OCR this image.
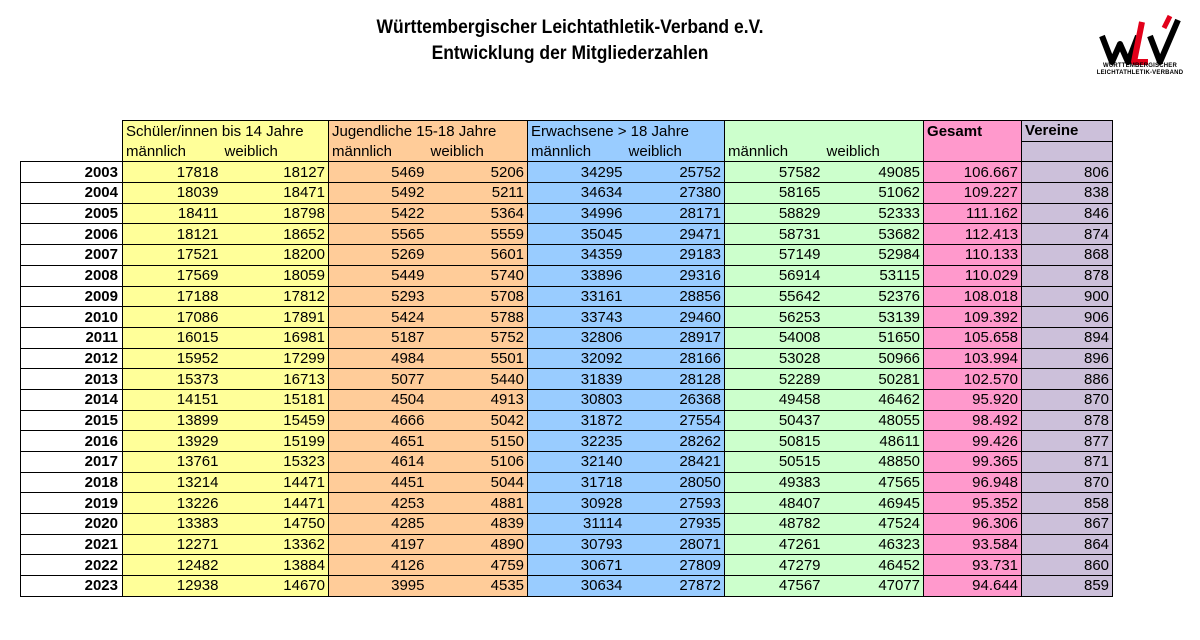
Württembergischer Leichtathletik-Verband e.V.
Entwicklung der Mitgliederzahlen
WÜRTTEMBERGISCHER
LEICHTATHLETIK-VERBAND
	Schüler/innen bis 14 Jahre		Jugendliche 15-18 Jahre		Erwachsene > 18 Jahre				Gesamt	Vereine
	männlich	weiblich	männlich	weiblich	männlich	weiblich	männlich	weiblich		
2003	17818	18127	5469	5206	34295	25752	57582	49085	106.667	806
2004	18039	18471	5492	5211	34634	27380	58165	51062	109.227	838
2005	18411	18798	5422	5364	34996	28171	58829	52333	111.162	846
2006	18121	18652	5565	5559	35045	29471	58731	53682	112.413	874
2007	17521	18200	5269	5601	34359	29183	57149	52984	110.133	868
2008	17569	18059	5449	5740	33896	29316	56914	53115	110.029	878
2009	17188	17812	5293	5708	33161	28856	55642	52376	108.018	900
2010	17086	17891	5424	5788	33743	29460	56253	53139	109.392	906
2011	16015	16981	5187	5752	32806	28917	54008	51650	105.658	894
2012	15952	17299	4984	5501	32092	28166	53028	50966	103.994	896
2013	15373	16713	5077	5440	31839	28128	52289	50281	102.570	886
2014	14151	15181	4504	4913	30803	26368	49458	46462	95.920	870
2015	13899	15459	4666	5042	31872	27554	50437	48055	98.492	878
2016	13929	15199	4651	5150	32235	28262	50815	48611	99.426	877
2017	13761	15323	4614	5106	32140	28421	50515	48850	99.365	871
2018	13214	14471	4451	5044	31718	28050	49383	47565	96.948	870
2019	13226	14471	4253	4881	30928	27593	48407	46945	95.352	858
2020	13383	14750	4285	4839	31114	27935	48782	47524	96.306	867
2021	12271	13362	4197	4890	30793	28071	47261	46323	93.584	864
2022	12482	13884	4126	4759	30671	27809	47279	46452	93.731	860
2023	12938	14670	3995	4535	30634	27872	47567	47077	94.644	859
